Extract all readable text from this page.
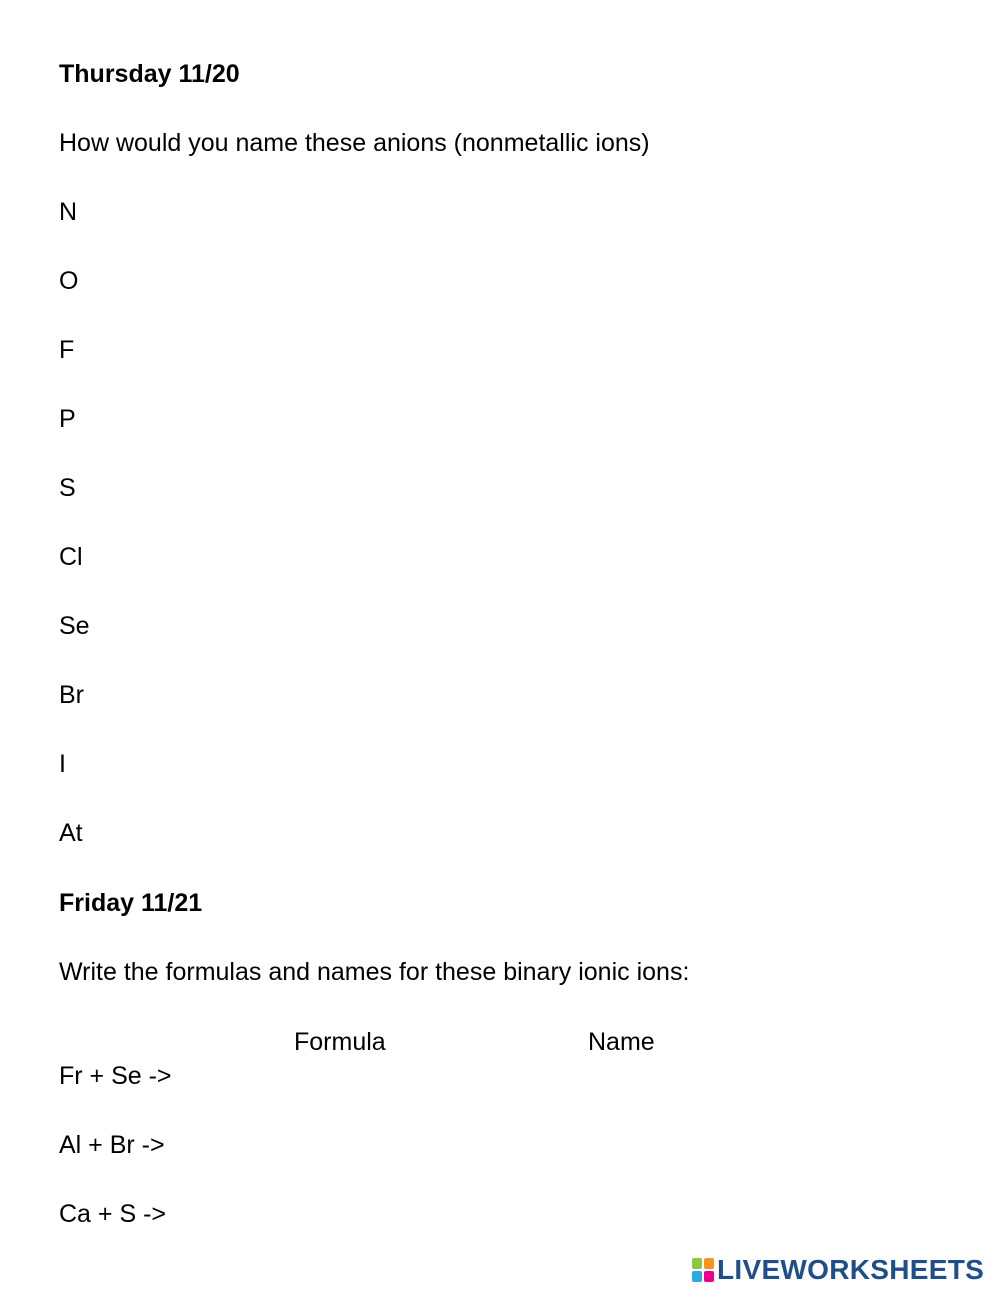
Thursday 11/20
How would you name these anions (nonmetallic ions)
N
O
F
P
S
Cl
Se
Br
I
At
Friday 11/21
Write the formulas and names for these binary ionic ions:
Formula	Name
Fr + Se ->
Al + Br ->
Ca + S ->
LIVEWORKSHEETS
